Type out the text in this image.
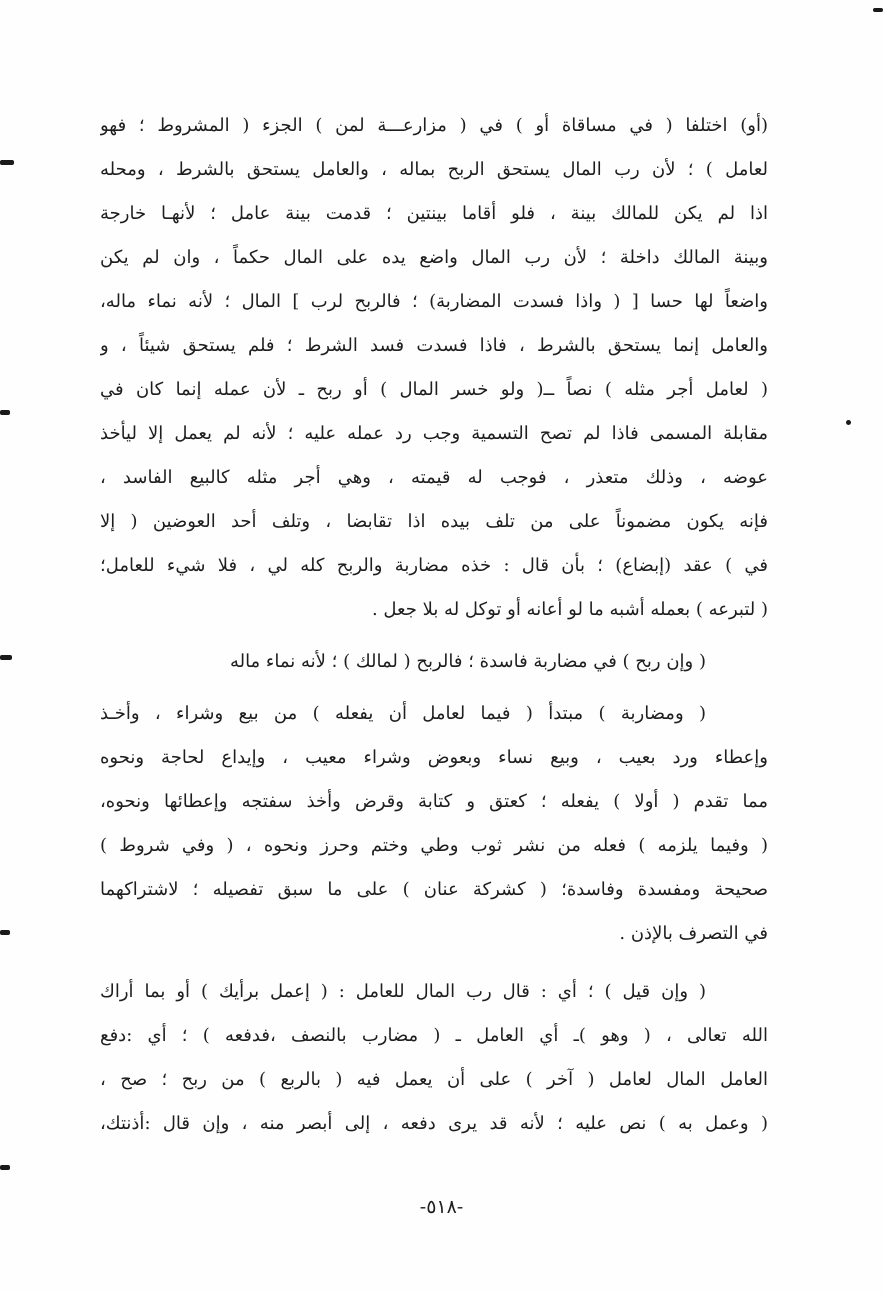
(أو) اختلفا ( في مساقاة أو ) في ( مزارعـــة لمن ) الجزء ( المشروط ؛ فهو
لعامل ) ؛ لأن رب المال يستحق الربح بماله ، والعامل يستحق بالشرط ، ومحله
اذا لم يكن للمالك بينة ، فلو أقاما بينتين ؛ قدمت بينة عامل ؛ لأنهـا خارجة
وبينة المالك داخلة ؛ لأن رب المال واضع يده على المال حكماً ، وان لم يكن
واضعاً لها حسا [ ( واذا فسدت المضاربة) ؛ فالربح لرب ] المال ؛ لأنه نماء ماله،
والعامل إنما يستحق بالشرط ، فاذا فسدت فسد الشرط ؛ فلم يستحق شيئاً ، و
( لعامل أجر مثله ) نصاً ــ( ولو خسر المال ) أو ربح ـ لأن عمله إنما كان في
مقابلة المسمى فاذا لم تصح التسمية وجب رد عمله عليه ؛ لأنه لم يعمل إلا ليأخذ
عوضه ، وذلك متعذر ، فوجب له قيمته ، وهي أجر مثله كالبيع الفاسد ،
فإنه يكون مضموناً على من تلف بيده اذا تقابضا ، وتلف أحد العوضين ( إلا
في ) عقد (إبضاع) ؛ بأن قال : خذه مضاربة والربح كله لي ، فلا شيء للعامل؛
( لتبرعه ) بعمله أشبه ما لو أعانه أو توكل له بلا جعل .
( وإن ربح ) في مضاربة فاسدة ؛ فالربح ( لمالك ) ؛ لأنه نماء ماله
( ومضاربة ) مبتدأ ( فيما لعامل أن يفعله ) من بيع وشراء ، وأخـذ
وإعطاء ورد بعيب ، وبيع نساء وبعوض وشراء معيب ، وإيداع لحاجة ونحوه
مما تقدم ( أولا ) يفعله ؛ كعتق و كتابة وقرض وأخذ سفتجه وإعطائها ونحوه،
( وفيما يلزمه ) فعله من نشر ثوب وطي وختم وحرز ونحوه ، ( وفي شروط )
صحيحة ومفسدة وفاسدة؛ ( كشركة عنان ) على ما سبق تفصيله ؛ لاشتراكهما
في التصرف بالإذن .
( وإن قيل ) ؛ أي : قال رب المال للعامل : ( إعمل برأيك ) أو بما أراك
الله تعالى ، ( وهو )ـ أي العامل ـ ( مضارب بالنصف ،فدفعه ) ؛ أي :دفع
العامل المال لعامل ( آخر ) على أن يعمل فيه ( بالربع ) من ربح ؛ صح ،
( وعمل به ) نص عليه ؛ لأنه قد يرى دفعه ، إلى أبصر منه ، وإن قال :أذنتك،
-٥١٨-
